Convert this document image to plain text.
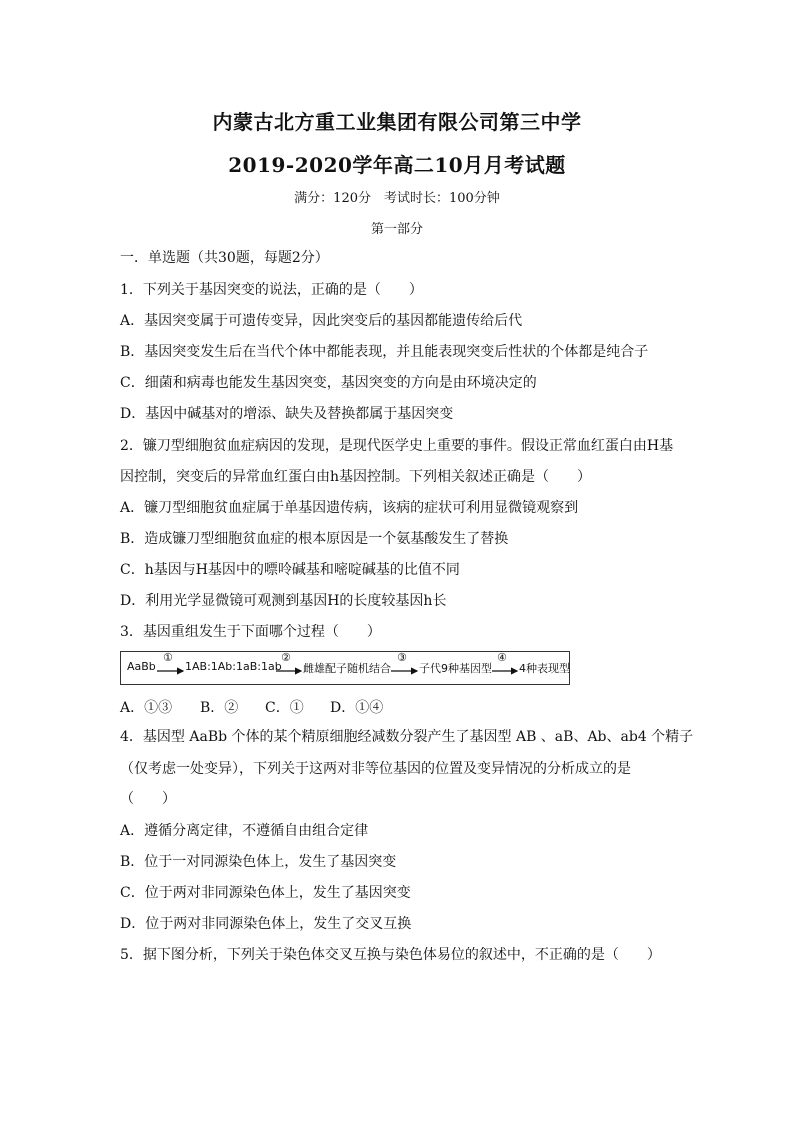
内蒙古北方重工业集团有限公司第三中学
2019-2020学年高二10月月考试题
满分：120分　考试时长：100分钟
第一部分
一．单选题（共30题，每题2分）
1．下列关于基因突变的说法，正确的是（　　）
A．基因突变属于可遗传变异，因此突变后的基因都能遗传给后代
B．基因突变发生后在当代个体中都能表现，并且能表现突变后性状的个体都是纯合子
C．细菌和病毒也能发生基因突变，基因突变的方向是由环境决定的
D．基因中碱基对的增添、缺失及替换都属于基因突变
2．镰刀型细胞贫血症病因的发现，是现代医学史上重要的事件。假设正常血红蛋白由H基
因控制，突变后的异常血红蛋白由h基因控制。下列相关叙述正确是（　　）
A．镰刀型细胞贫血症属于单基因遗传病，该病的症状可利用显微镜观察到
B．造成镰刀型细胞贫血症的根本原因是一个氨基酸发生了替换
C．h基因与H基因中的嘌呤碱基和嘧啶碱基的比值不同
D．利用光学显微镜可观测到基因H的长度较基因h长
3．基因重组发生于下面哪个过程（　　）
AaBb
①
1AB:1Ab:1aB:1ab
②
雌雄配子随机结合
③
子代9种基因型
④
4种表现型
A．①③ B．② C．① D．①④
4．基因型 AaBb 个体的某个精原细胞经减数分裂产生了基因型 AB 、aB、Ab、ab4 个精子
（仅考虑一处变异），下列关于这两对非等位基因的位置及变异情况的分析成立的是
（　　）
A．遵循分离定律，不遵循自由组合定律
B．位于一对同源染色体上，发生了基因突变
C．位于两对非同源染色体上，发生了基因突变
D．位于两对非同源染色体上，发生了交叉互换
5．据下图分析，下列关于染色体交叉互换与染色体易位的叙述中，不正确的是（　　）
